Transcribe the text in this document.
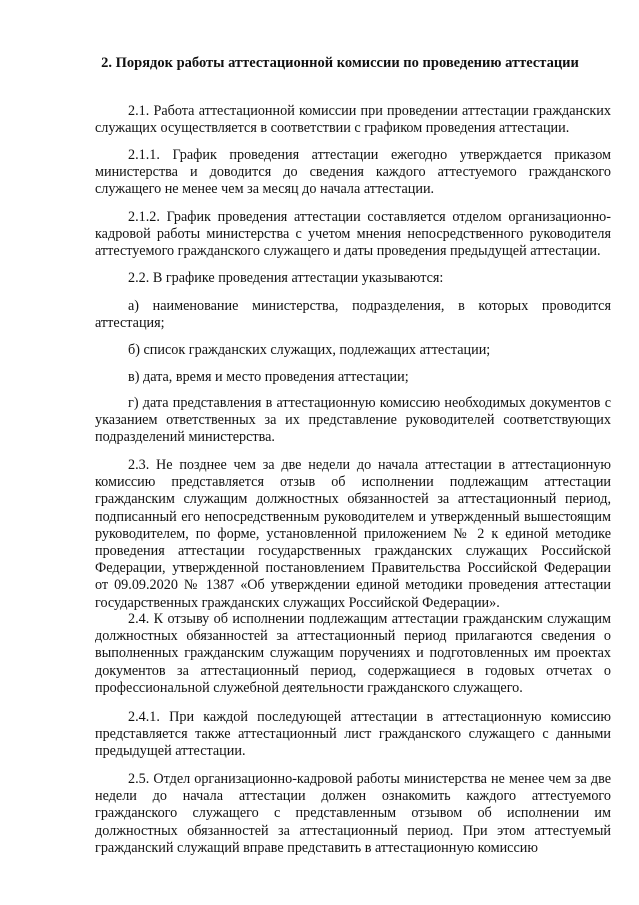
2. Порядок работы аттестационной комиссии по проведению аттестации

2.1. Работа аттестационной комиссии при проведении аттестации гражданских служащих осуществляется в соответствии с графиком проведения аттестации.

2.1.1. График проведения аттестации ежегодно утверждается приказом министерства и доводится до сведения каждого аттестуемого гражданского служащего не менее чем за месяц до начала аттестации.

2.1.2. График проведения аттестации составляется отделом организационно-кадровой работы министерства с учетом мнения непосредственного руководителя аттестуемого гражданского служащего и даты проведения предыдущей аттестации.

2.2. В графике проведения аттестации указываются:

а) наименование министерства, подразделения, в которых проводится аттестация;

б) список гражданских служащих, подлежащих аттестации;

в) дата, время и место проведения аттестации;

г) дата представления в аттестационную комиссию необходимых документов с указанием ответственных за их представление руководителей соответствующих подразделений министерства.

2.3. Не позднее чем за две недели до начала аттестации в аттестационную комиссию представляется отзыв об исполнении подлежащим аттестации гражданским служащим должностных обязанностей за аттестационный период, подписанный его непосредственным руководителем и утвержденный вышестоящим руководителем, по форме, установленной приложением № 2 к единой методике проведения аттестации государственных гражданских служащих Российской Федерации, утвержденной постановлением Правительства Российской Федерации от 09.09.2020 № 1387 «Об утверждении единой методики проведения аттестации государственных гражданских служащих Российской Федерации».

2.4. К отзыву об исполнении подлежащим аттестации гражданским служащим должностных обязанностей за аттестационный период прилагаются сведения о выполненных гражданским служащим поручениях и подготовленных им проектах документов за аттестационный период, содержащиеся в годовых отчетах о профессиональной служебной деятельности гражданского служащего.

2.4.1. При каждой последующей аттестации в аттестационную комиссию представляется также аттестационный лист гражданского служащего с данными предыдущей аттестации.

2.5. Отдел организационно-кадровой работы министерства не менее чем за две недели до начала аттестации должен ознакомить каждого аттестуемого гражданского служащего с представленным отзывом об исполнении им должностных обязанностей за аттестационный период. При этом аттестуемый гражданский служащий вправе представить в аттестационную комиссию
